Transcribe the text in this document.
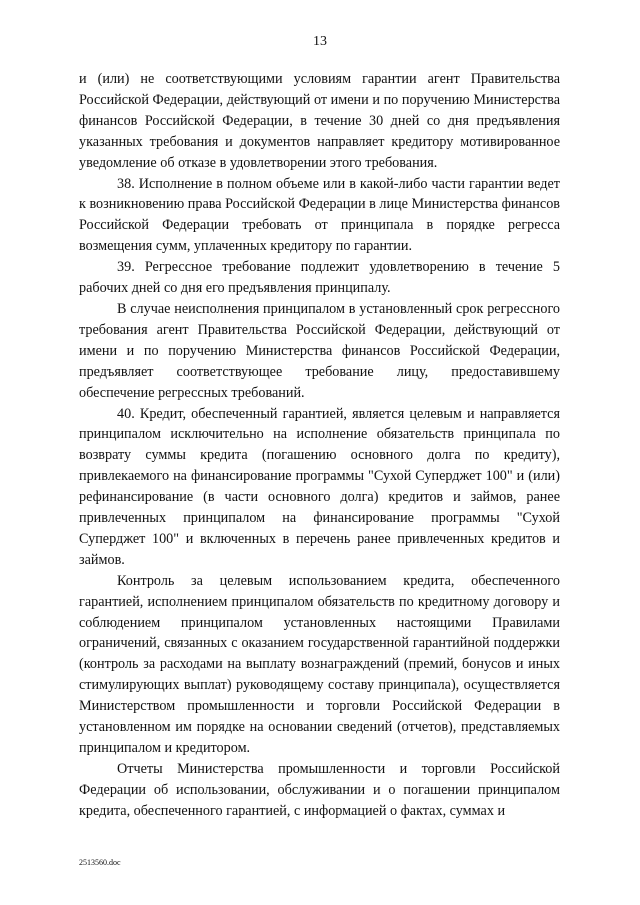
13

и (или) не соответствующими условиям гарантии агент Правительства Российской Федерации, действующий от имени и по поручению Министерства финансов Российской Федерации, в течение 30 дней со дня предъявления указанных требования и документов направляет кредитору мотивированное уведомление об отказе в удовлетворении этого требования.

38. Исполнение в полном объеме или в какой-либо части гарантии ведет к возникновению права Российской Федерации в лице Министерства финансов Российской Федерации требовать от принципала в порядке регресса возмещения сумм, уплаченных кредитору по гарантии.

39. Регрессное требование подлежит удовлетворению в течение 5 рабочих дней со дня его предъявления принципалу.

В случае неисполнения принципалом в установленный срок регрессного требования агент Правительства Российской Федерации, действующий от имени и по поручению Министерства финансов Российской Федерации, предъявляет соответствующее требование лицу, предоставившему обеспечение регрессных требований.

40. Кредит, обеспеченный гарантией, является целевым и направляется принципалом исключительно на исполнение обязательств принципала по возврату суммы кредита (погашению основного долга по кредиту), привлекаемого на финансирование программы "Сухой Суперджет 100" и (или) рефинансирование (в части основного долга) кредитов и займов, ранее привлеченных принципалом на финансирование программы "Сухой Суперджет 100" и включенных в перечень ранее привлеченных кредитов и займов.

Контроль за целевым использованием кредита, обеспеченного гарантией, исполнением принципалом обязательств по кредитному договору и соблюдением принципалом установленных настоящими Правилами ограничений, связанных с оказанием государственной гарантийной поддержки (контроль за расходами на выплату вознаграждений (премий, бонусов и иных стимулирующих выплат) руководящему составу принципала), осуществляется Министерством промышленности и торговли Российской Федерации в установленном им порядке на основании сведений (отчетов), представляемых принципалом и кредитором.

Отчеты Министерства промышленности и торговли Российской Федерации об использовании, обслуживании и о погашении принципалом кредита, обеспеченного гарантией, с информацией о фактах, суммах и

2513560.doc
